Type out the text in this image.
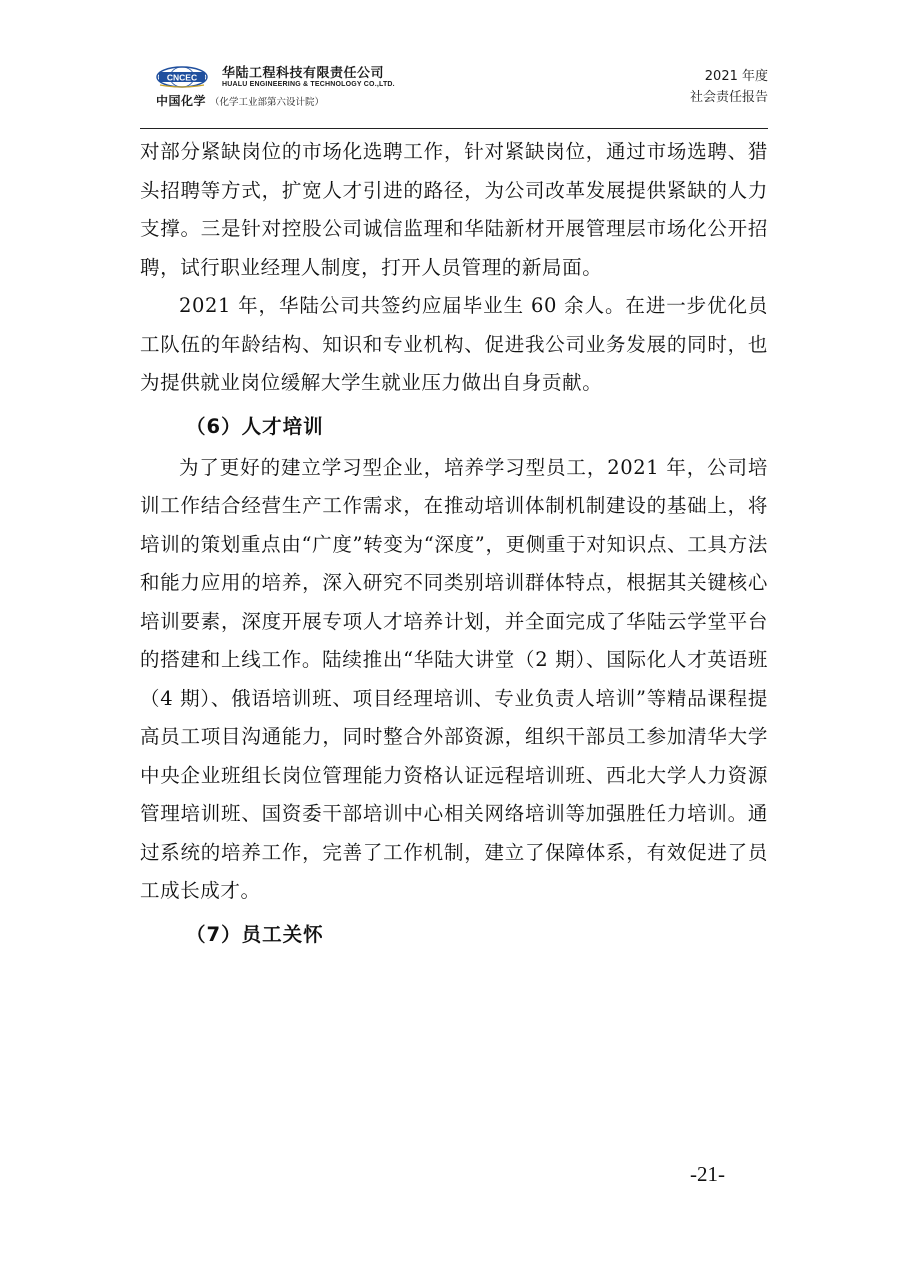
CNCEC 华陆工程科技有限责任公司
HUALU ENGINEERING & TECHNOLOGY CO.,LTD.
中国化学 （化学工业部第六设计院）
2021 年度
社会责任报告

对部分紧缺岗位的市场化选聘工作，针对紧缺岗位，通过市场选聘、猎头招聘等方式，扩宽人才引进的路径，为公司改革发展提供紧缺的人力支撑。三是针对控股公司诚信监理和华陆新材开展管理层市场化公开招聘，试行职业经理人制度，打开人员管理的新局面。

2021 年，华陆公司共签约应届毕业生 60 余人。在进一步优化员工队伍的年龄结构、知识和专业机构、促进我公司业务发展的同时，也为提供就业岗位缓解大学生就业压力做出自身贡献。

（6）人才培训

为了更好的建立学习型企业，培养学习型员工，2021 年，公司培训工作结合经营生产工作需求，在推动培训体制机制建设的基础上，将培训的策划重点由“广度”转变为“深度”，更侧重于对知识点、工具方法和能力应用的培养，深入研究不同类别培训群体特点，根据其关键核心培训要素，深度开展专项人才培养计划，并全面完成了华陆云学堂平台的搭建和上线工作。陆续推出“华陆大讲堂（2 期）、国际化人才英语班（4 期）、俄语培训班、项目经理培训、专业负责人培训”等精品课程提高员工项目沟通能力，同时整合外部资源，组织干部员工参加清华大学中央企业班组长岗位管理能力资格认证远程培训班、西北大学人力资源管理培训班、国资委干部培训中心相关网络培训等加强胜任力培训。通过系统的培养工作，完善了工作机制，建立了保障体系，有效促进了员工成长成才。

（7）员工关怀
-21-
